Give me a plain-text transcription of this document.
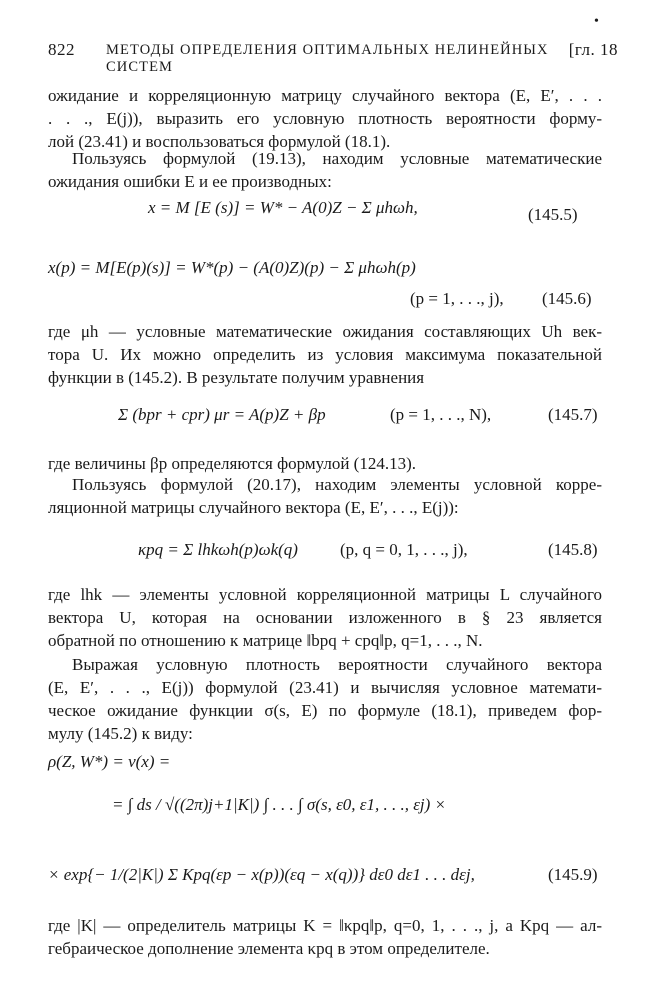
•
822 МЕТОДЫ ОПРЕДЕЛЕНИЯ ОПТИМАЛЬНЫХ НЕЛИНЕЙНЫХ СИСТЕМ
[гл. 18
ожидание и корреляционную матрицу случайного вектора (Ε, Ε′, . . .
. . ., Ε(j)), выразить его условную плотность вероятности форму-
лой (23.41) и воспользоваться формулой (18.1).
Пользуясь формулой (19.13), находим условные математические
ожидания ошибки Ε и ее производных:
x = M [Ε (s)] = W* − A(0)Z − Σ μhωh,	(145.5)
x(p) = M[Ε(p)(s)] = W*(p) − (A(0)Z)(p) − Σ μhωh(p)
(p = 1, . . ., j), (145.6)
где μh — условные математические ожидания составляющих Uh век-
тора U. Их можно определить из условия максимума показательной
функции в (145.2). В результате получим уравнения
Σ (bpr + cpr) μr = A(p)Z + βp	(p = 1, . . ., N),	(145.7)
где величины βp определяются формулой (124.13).
Пользуясь формулой (20.17), находим элементы условной корре-
ляционной матрицы случайного вектора (Ε, Ε′, . . ., Ε(j)):
κpq = Σ lhkωh(p)ωk(q) (p, q = 0, 1, . . ., j),	(145.8)
где lhk — элементы условной корреляционной матрицы L случайного
вектора U, которая на основании изложенного в § 23 является
обратной по отношению к матрице ‖bpq + cpq‖p, q=1, . . ., N.
Выражая условную плотность вероятности случайного вектора
(Ε, Ε′, . . ., Ε(j)) формулой (23.41) и вычисляя условное математи-
ческое ожидание функции σ(s, Ε) по формуле (18.1), приведем фор-
мулу (145.2) к виду:
ρ(Z, W*) = ν(x) =
= ∫ ds / √((2π)j+1|K|) ∫ . . . ∫ σ(s, ε0, ε1, . . ., εj) ×
× exp{− 1/(2|K|) Σ Kpq(εp − x(p))(εq − x(q))} dε0 dε1 . . . dεj,	(145.9)
где |K| — определитель матрицы K = ‖κpq‖p, q=0, 1, . . ., j, а Kpq — ал-
гебраическое дополнение элемента κpq в этом определителе.
